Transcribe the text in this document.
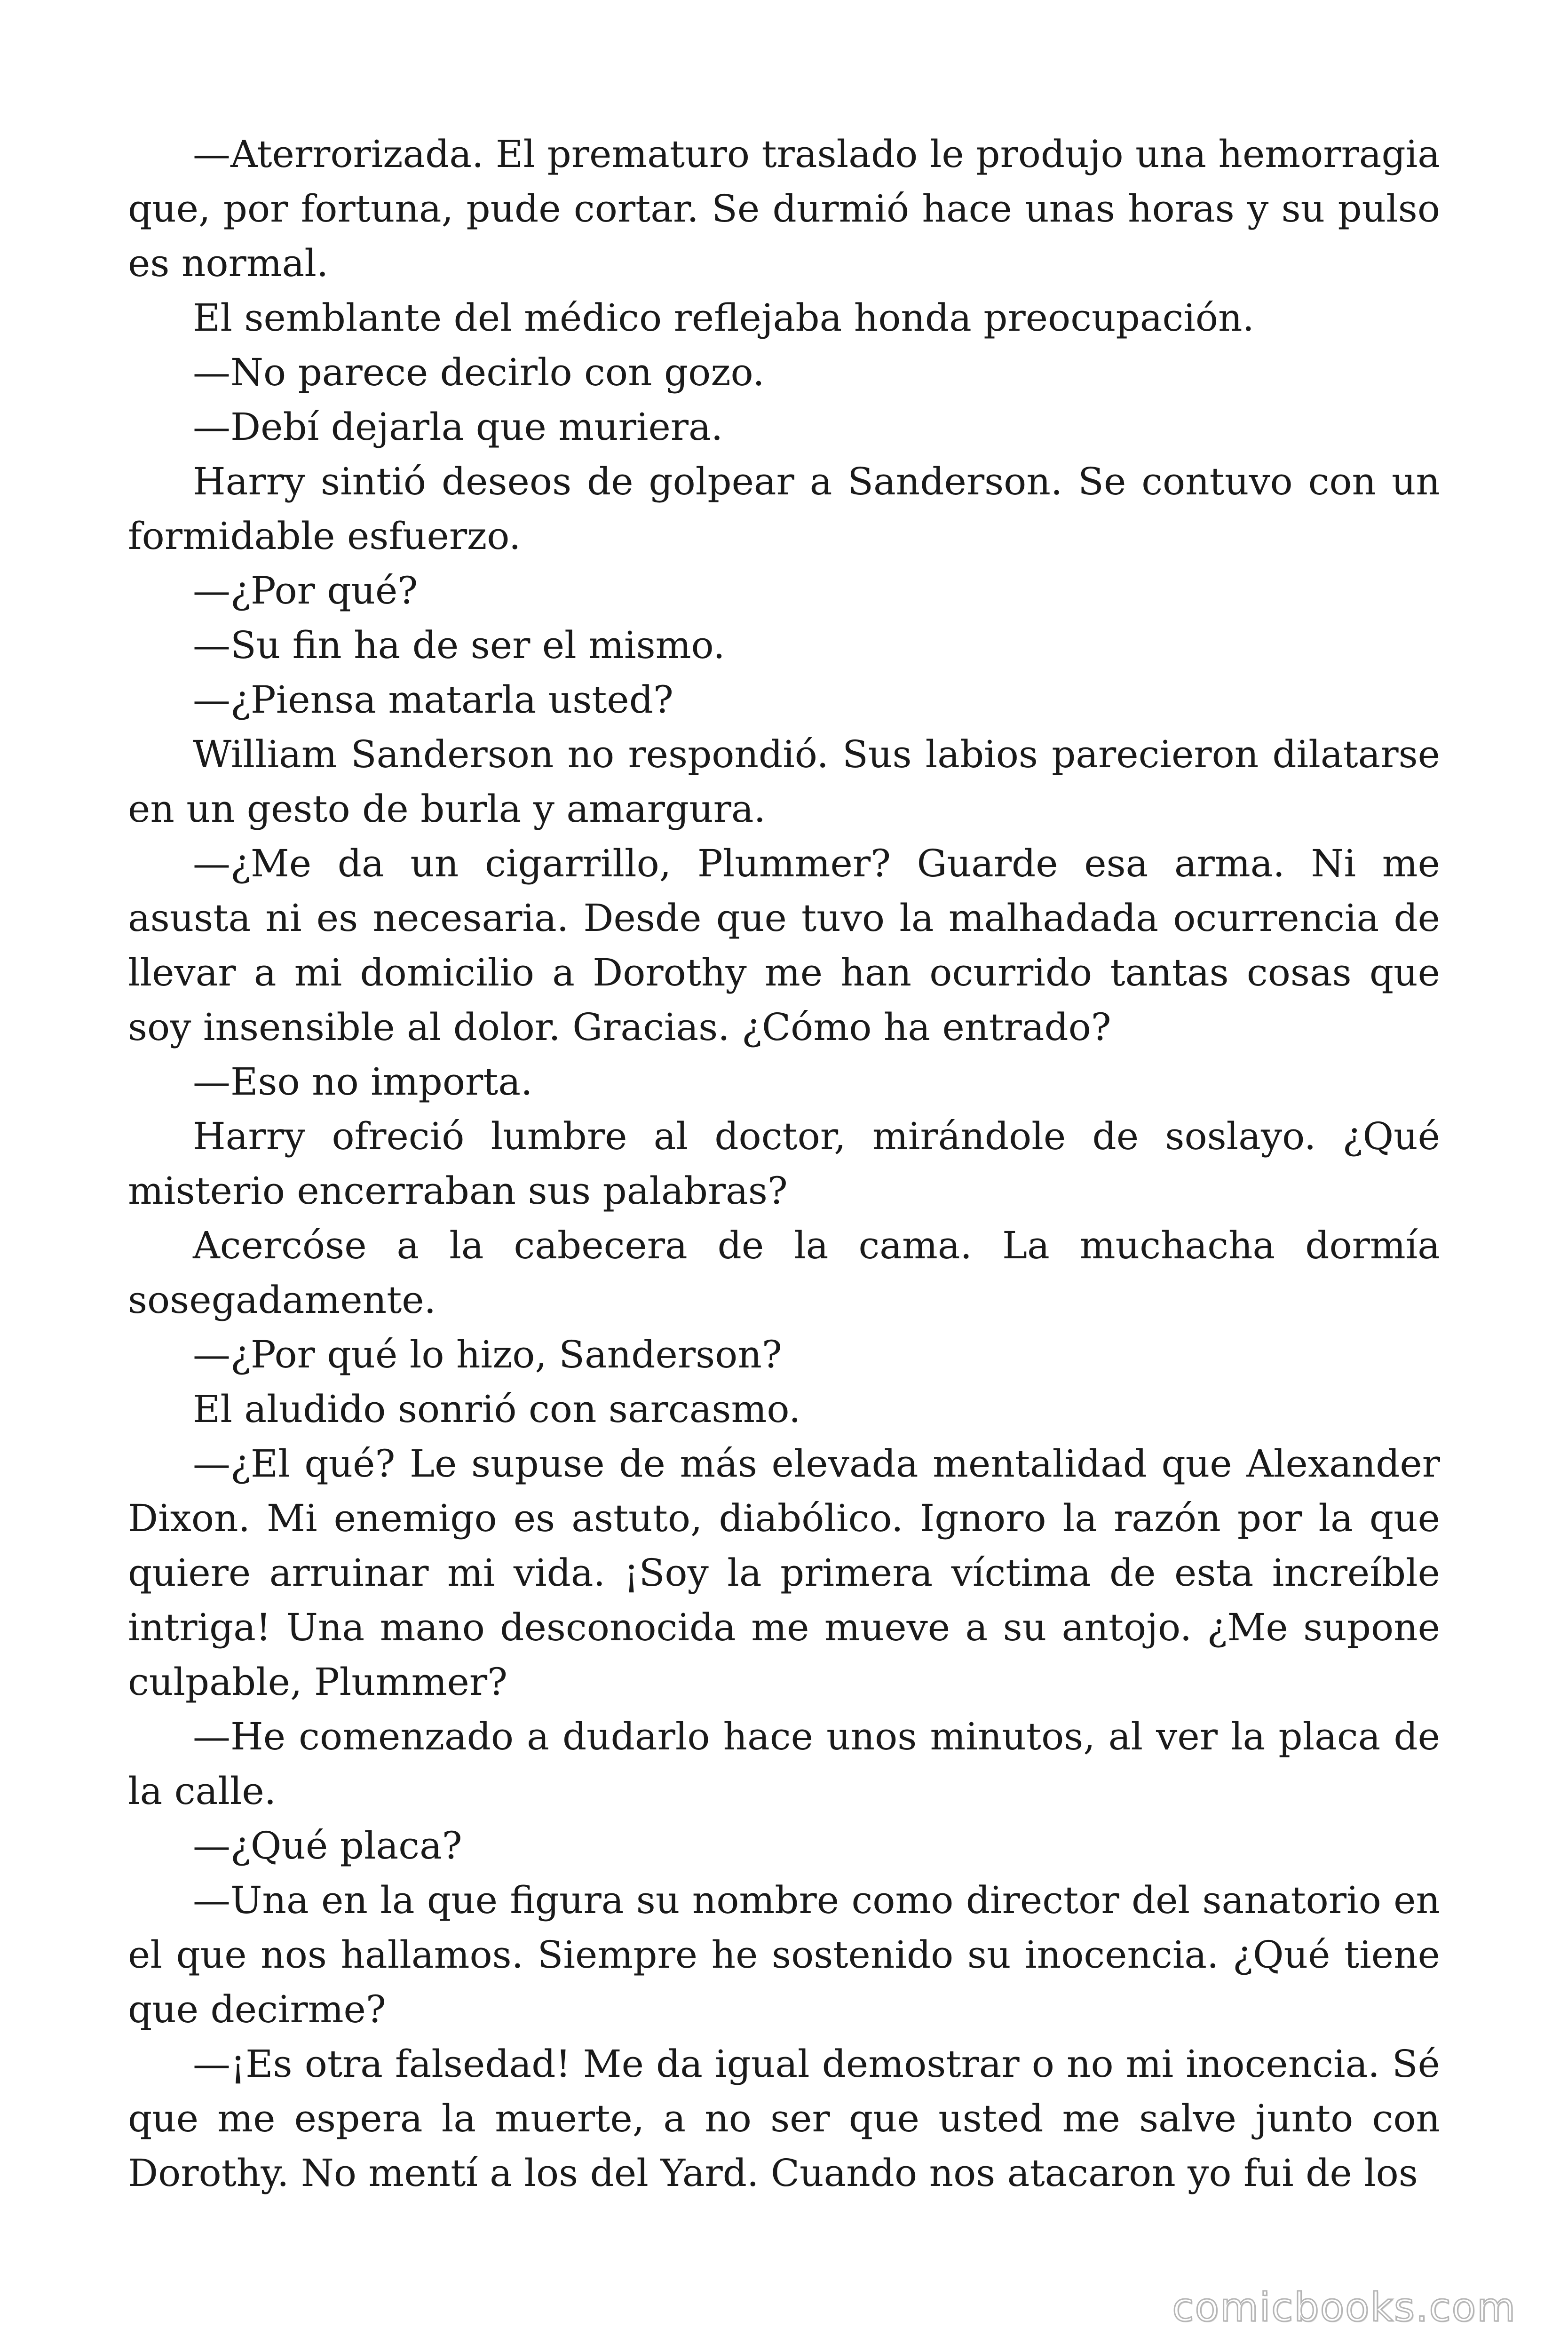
—Aterrorizada. El prematuro traslado le produjo una hemorragia que, por fortuna, pude cortar. Se durmió hace unas horas y su pulso es normal.

El semblante del médico reflejaba honda preocupación.

—No parece decirlo con gozo.

—Debí dejarla que muriera.

Harry sintió deseos de golpear a Sanderson. Se contuvo con un formidable esfuerzo.

—¿Por qué?

—Su fin ha de ser el mismo.

—¿Piensa matarla usted?

William Sanderson no respondió. Sus labios parecieron dilatarse en un gesto de burla y amargura.

—¿Me da un cigarrillo, Plummer? Guarde esa arma. Ni me asusta ni es necesaria. Desde que tuvo la malhadada ocurrencia de llevar a mi domicilio a Dorothy me han ocurrido tantas cosas que soy insensible al dolor. Gracias. ¿Cómo ha entrado?

—Eso no importa.

Harry ofreció lumbre al doctor, mirándole de soslayo. ¿Qué misterio encerraban sus palabras?

Acercóse a la cabecera de la cama. La muchacha dormía sosegadamente.

—¿Por qué lo hizo, Sanderson?

El aludido sonrió con sarcasmo.

—¿El qué? Le supuse de más elevada mentalidad que Alexander Dixon. Mi enemigo es astuto, diabólico. Ignoro la razón por la que quiere arruinar mi vida. ¡Soy la primera víctima de esta increíble intriga! Una mano desconocida me mueve a su antojo. ¿Me supone culpable, Plummer?

—He comenzado a dudarlo hace unos minutos, al ver la placa de la calle.

—¿Qué placa?

—Una en la que figura su nombre como director del sanatorio en el que nos hallamos. Siempre he sostenido su inocencia. ¿Qué tiene que decirme?

—¡Es otra falsedad! Me da igual demostrar o no mi inocencia. Sé que me espera la muerte, a no ser que usted me salve junto con Dorothy. No mentí a los del Yard. Cuando nos atacaron yo fui de los

comicbooks.com
